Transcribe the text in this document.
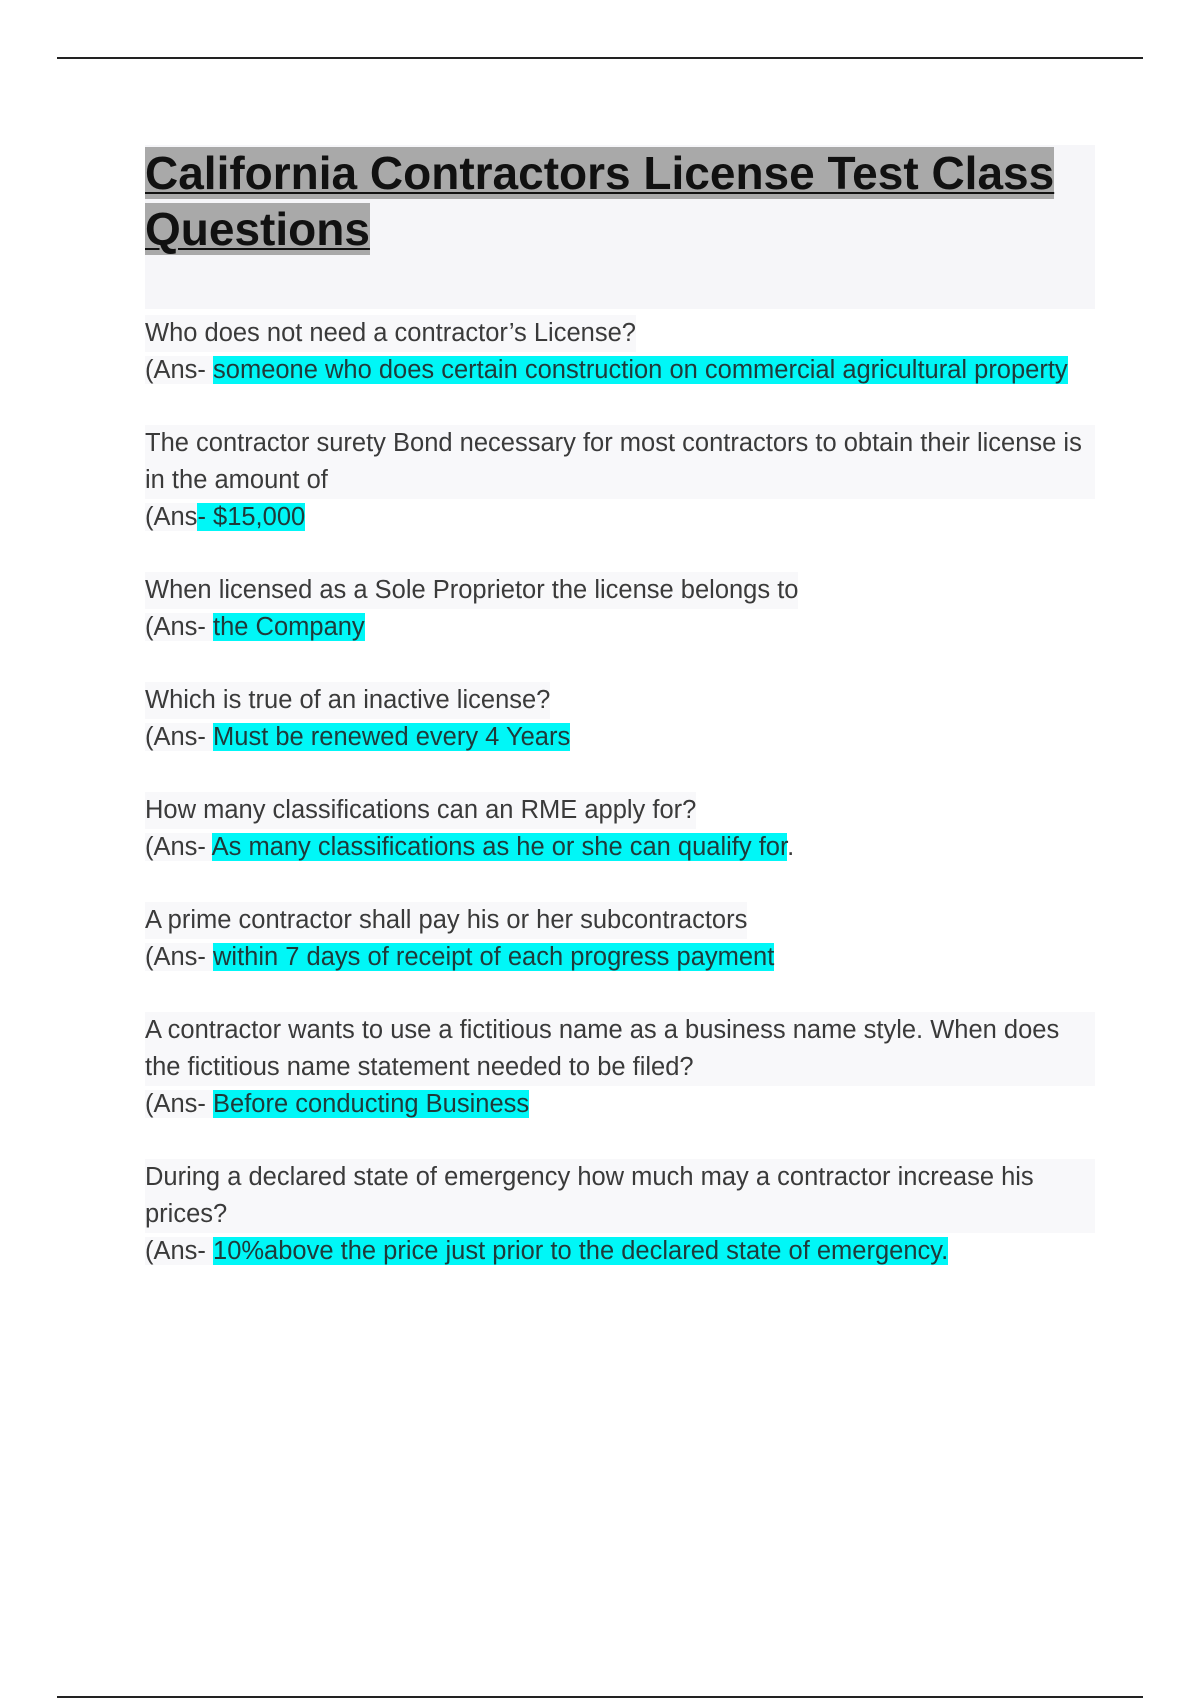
California Contractors License Test Class Questions
Who does not need a contractor’s License?
(Ans- someone who does certain construction on commercial agricultural property
The contractor surety Bond necessary for most contractors to obtain their license is in the amount of
(Ans- $15,000
When licensed as a Sole Proprietor the license belongs to
(Ans- the Company
Which is true of an inactive license?
(Ans- Must be renewed every 4 Years
How many classifications can an RME apply for?
(Ans- As many classifications as he or she can qualify for.
A prime contractor shall pay his or her subcontractors
(Ans- within 7 days of receipt of each progress payment
A contractor wants to use a fictitious name as a business name style. When does the fictitious name statement needed to be filed?
(Ans- Before conducting Business
During a declared state of emergency how much may a contractor increase his prices?
(Ans- 10%above the price just prior to the declared state of emergency.
